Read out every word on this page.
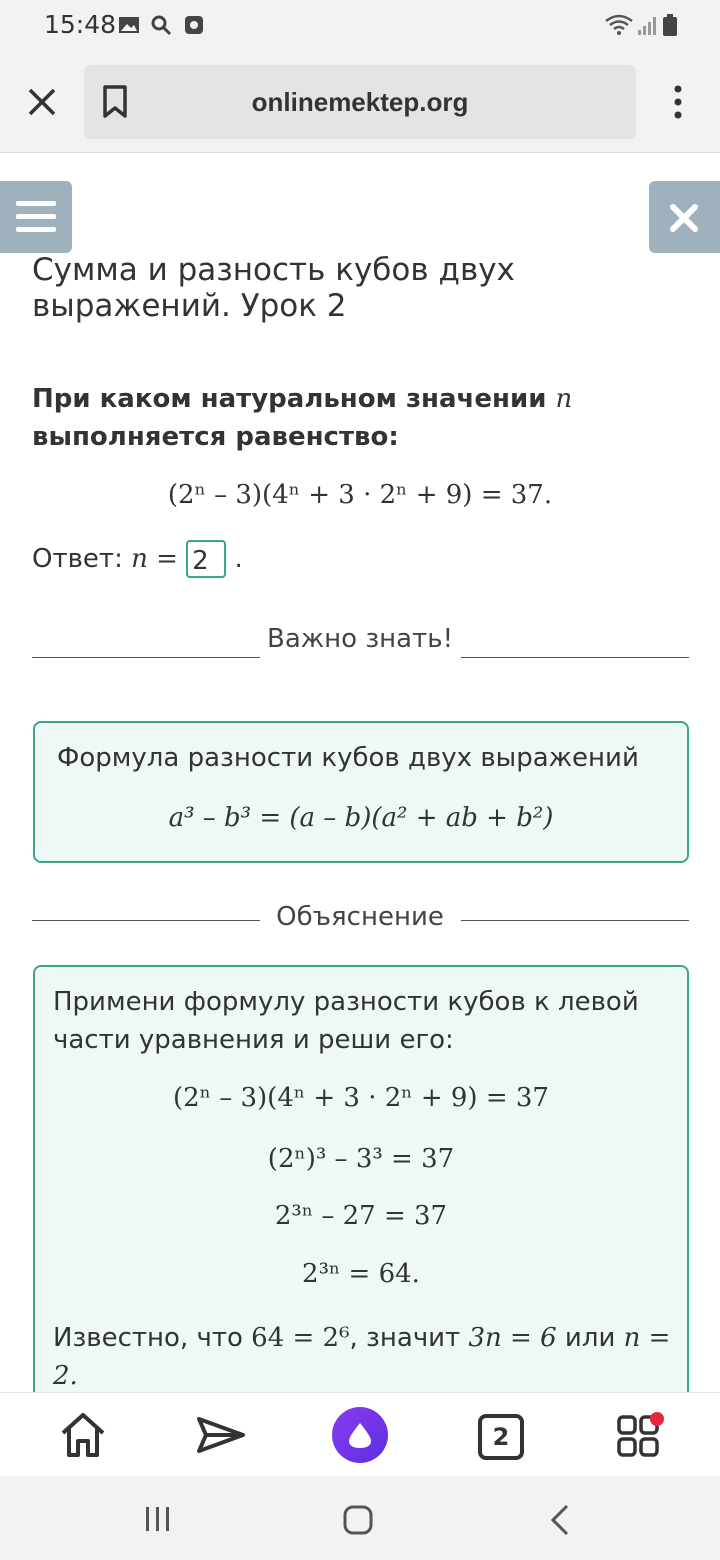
15:48
onlinemektep.org
Сумма и разность кубов двух выражений. Урок 2
При каком натуральном значении n
выполняется равенство:
(2ⁿ – 3)(4ⁿ + 3 · 2ⁿ + 9) = 37.
Ответ: n = 2 .
Важно знать!
Формула разности кубов двух выражений
a³ – b³ = (a – b)(a² + ab + b²)
Объяснение
Примени формулу разности кубов к левой части уравнения и реши его:
(2ⁿ – 3)(4ⁿ + 3 · 2ⁿ + 9) = 37
(2ⁿ)³ – 3³ = 37
2³ⁿ – 27 = 37
2³ⁿ = 64.
Известно, что 64 = 2⁶, значит 3n = 6 или n = 2.
2
